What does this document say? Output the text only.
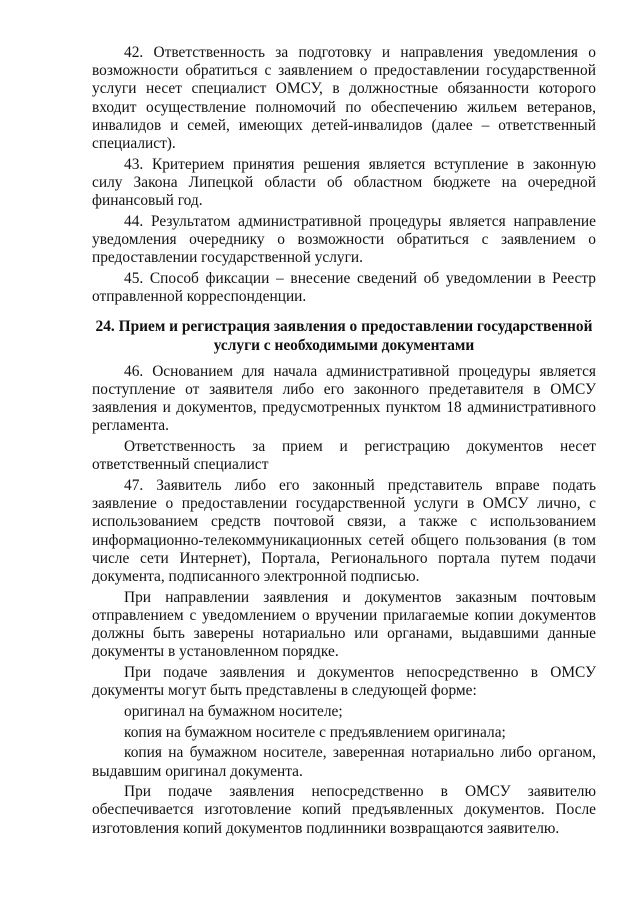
42. Ответственность за подготовку и направления уведомления о возможности обратиться с заявлением о предоставлении государственной услуги несет специалист ОМСУ, в должностные обязанности которого входит осуществление полномочий по обеспечению жильем ветеранов, инвалидов и семей, имеющих детей-инвалидов (далее – ответственный специалист).

43. Критерием принятия решения является вступление в законную силу Закона Липецкой области об областном бюджете на очередной финансовый год.

44. Результатом административной процедуры является направление уведомления очереднику о возможности обратиться с заявлением о предоставлении государственной услуги.

45. Способ фиксации – внесение сведений об уведомлении в Реестр отправленной корреспонденции.

24. Прием и регистрация заявления о предоставлении государственной услуги с необходимыми документами

46. Основанием для начала административной процедуры является поступление от заявителя либо его законного предетавителя в ОМСУ заявления и документов, предусмотренных пунктом 18 административного регламента.

Ответственность за прием и регистрацию документов несет ответственный специалист

47. Заявитель либо его законный представитель вправе подать заявление о предоставлении государственной услуги в ОМСУ лично, с использованием средств почтовой связи, а также с использованием информационно-телекоммуникационных сетей общего пользования (в том числе сети Интернет), Портала, Регионального портала путем подачи документа, подписанного электронной подписью.

При направлении заявления и документов заказным почтовым отправлением с уведомлением о вручении прилагаемые копии документов должны быть заверены нотариально или органами, выдавшими данные документы в установленном порядке.

При подаче заявления и документов непосредственно в ОМСУ документы могут быть представлены в следующей форме:

оригинал на бумажном носителе;

копия на бумажном носителе с предъявлением оригинала;

копия на бумажном носителе, заверенная нотариально либо органом, выдавшим оригинал документа.

При подаче заявления непосредственно в ОМСУ заявителю обеспечивается изготовление копий предъявленных документов. После изготовления копий документов подлинники возвращаются заявителю.
